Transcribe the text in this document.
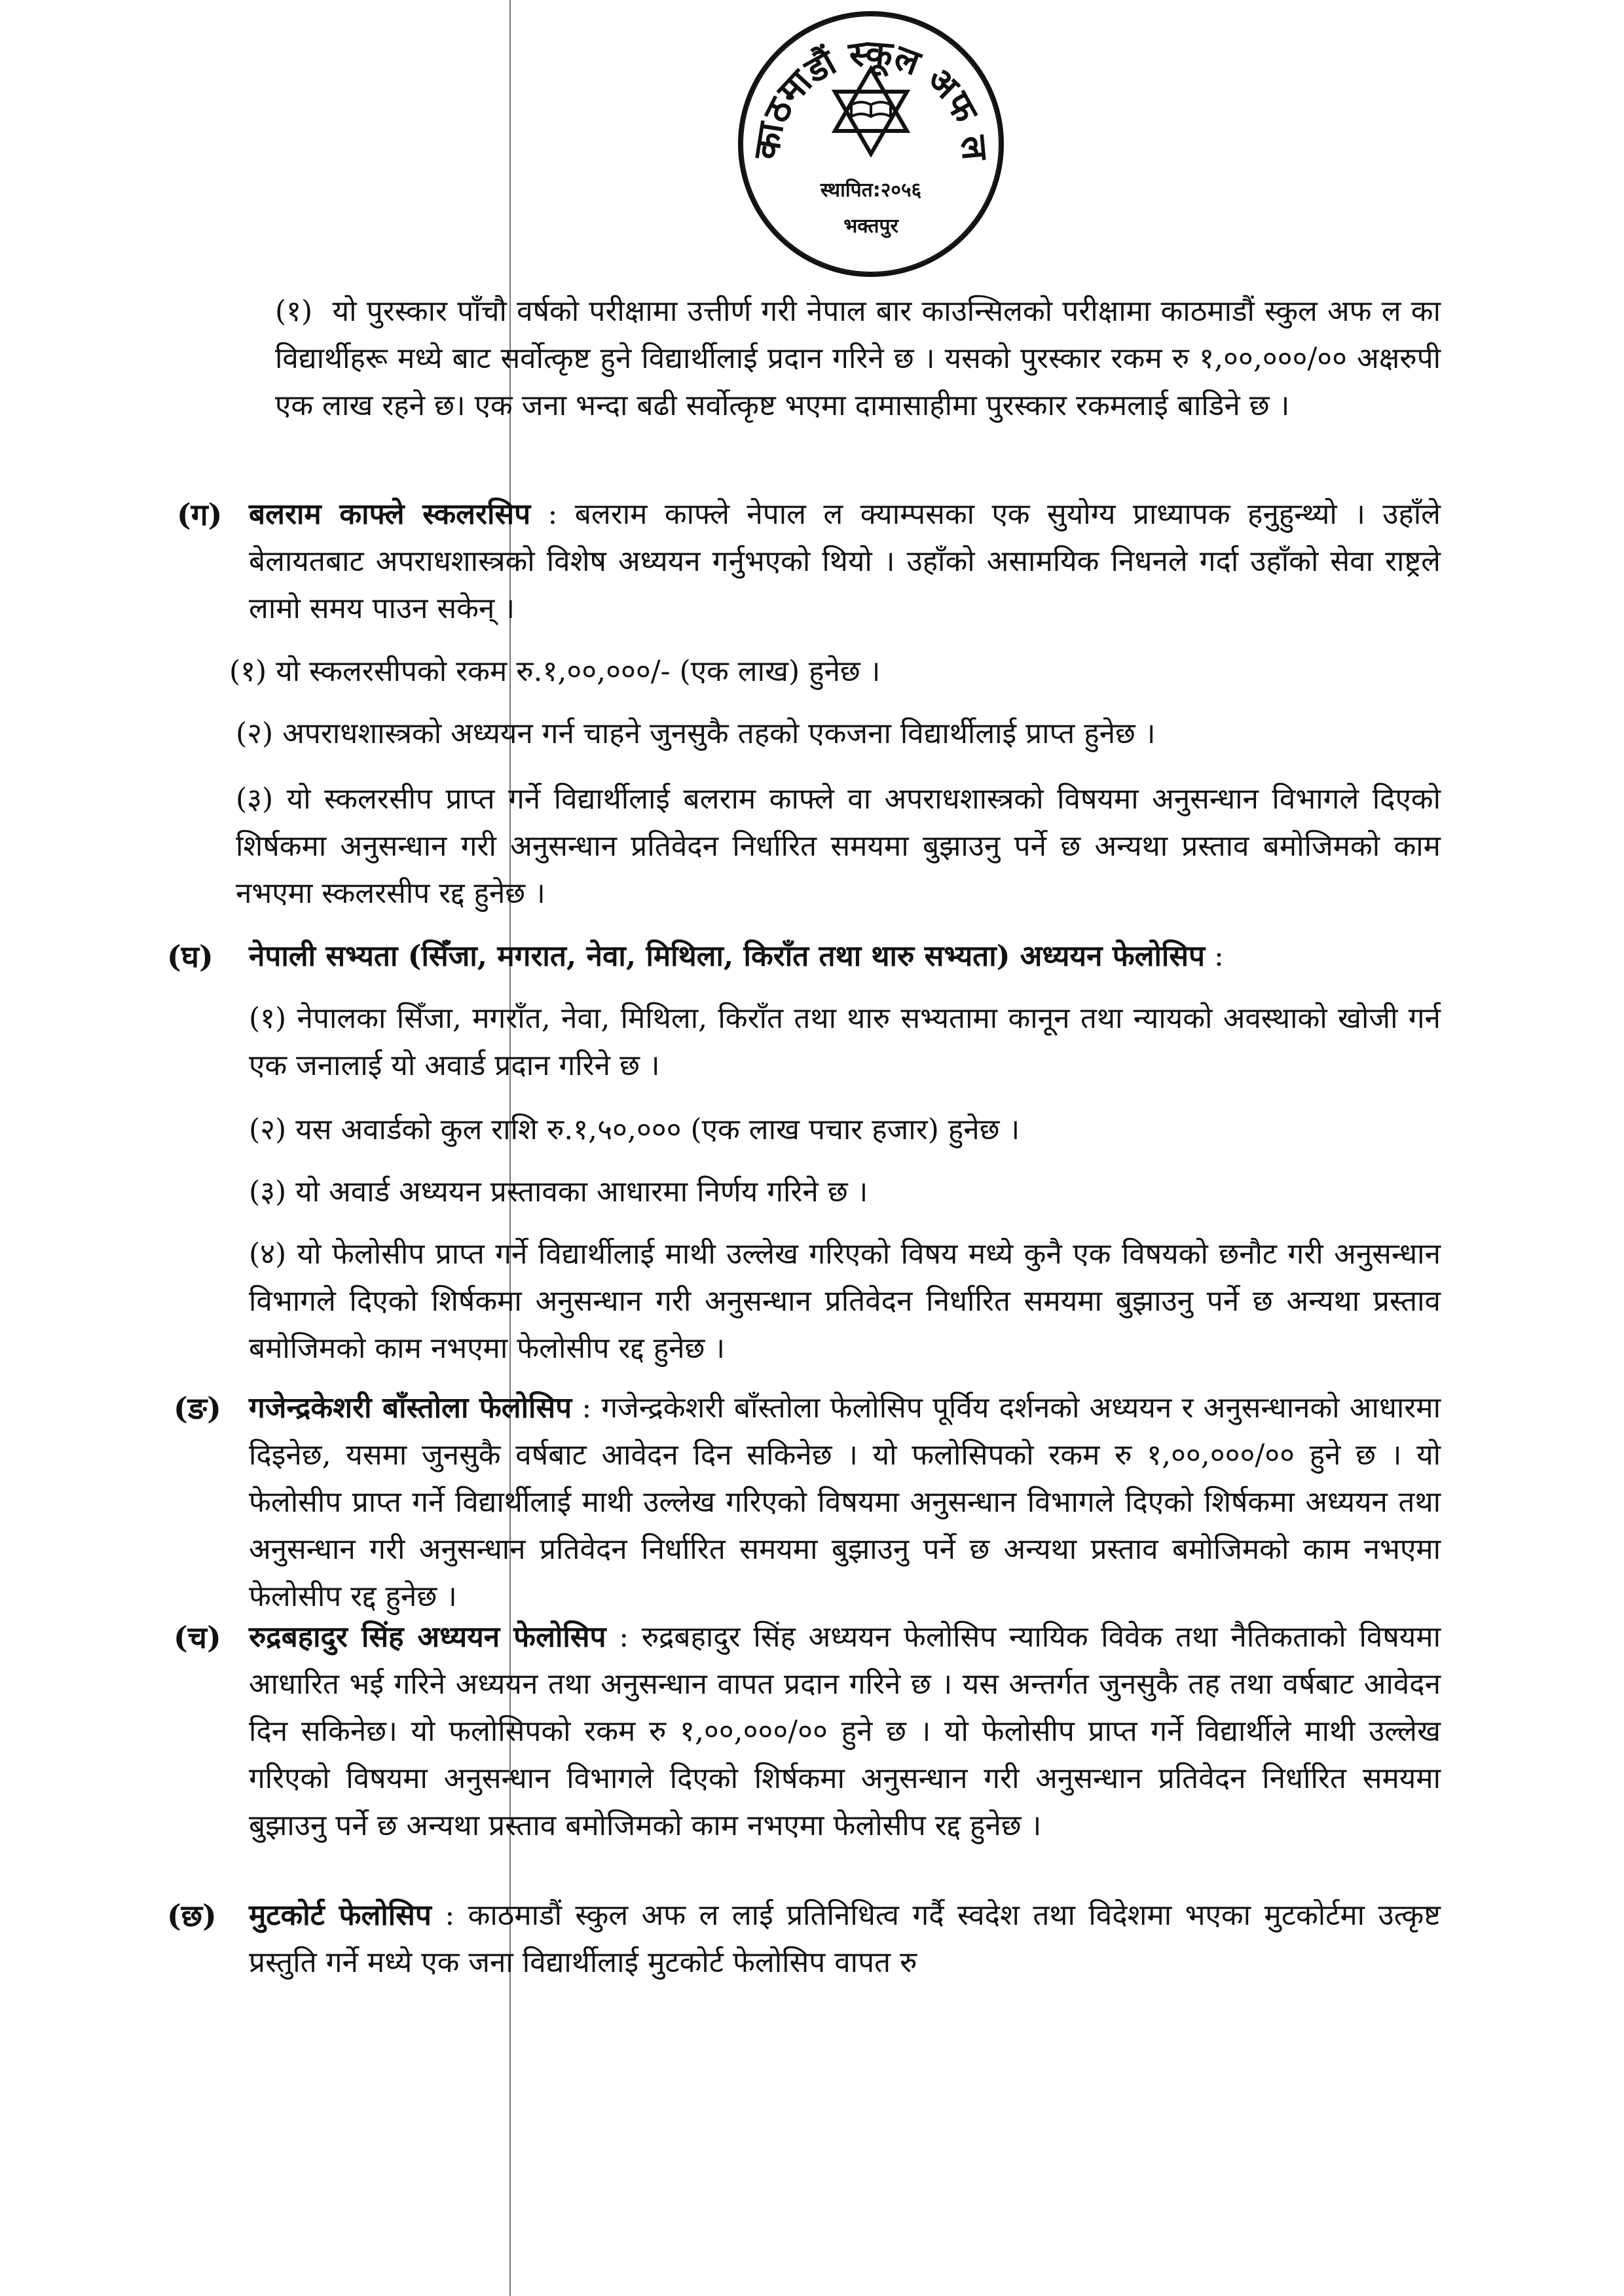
काठमाडौं स्कूल अफ ल
स्थापित:२०५६
भक्तपुर

(१) यो पुरस्कार पाँचौ वर्षको परीक्षामा उत्तीर्ण गरी नेपाल बार काउन्सिलको परीक्षामा काठमाडौं स्कुल अफ ल का विद्यार्थीहरू मध्ये बाट सर्वोत्कृष्ट हुने विद्यार्थीलाई प्रदान गरिने छ । यसको पुरस्कार रकम रु १,००,०००/०० अक्षरुपी एक लाख रहने छ। एक जना भन्दा बढी सर्वोत्कृष्ट भएमा दामासाहीमा पुरस्कार रकमलाई बाडिने छ ।

(ग) बलराम काफ्ले स्कलरसिप : बलराम काफ्ले नेपाल ल क्याम्पसका एक सुयोग्य प्राध्यापक हनुहुन्थ्यो । उहाँले बेलायतबाट अपराधशास्त्रको विशेष अध्ययन गर्नुभएको थियो । उहाँको असामयिक निधनले गर्दा उहाँको सेवा राष्ट्रले लामो समय पाउन सकेन् ।

(१) यो स्कलरसीपको रकम रु.१,००,०००/- (एक लाख) हुनेछ ।

(२) अपराधशास्त्रको अध्ययन गर्न चाहने जुनसुकै तहको एकजना विद्यार्थीलाई प्राप्त हुनेछ ।

(३) यो स्कलरसीप प्राप्त गर्ने विद्यार्थीलाई बलराम काफ्ले वा अपराधशास्त्रको विषयमा अनुसन्धान विभागले दिएको शिर्षकमा अनुसन्धान गरी अनुसन्धान प्रतिवेदन निर्धारित समयमा बुझाउनु पर्ने छ अन्यथा प्रस्ताव बमोजिमको काम नभएमा स्कलरसीप रद्द हुनेछ ।

(घ) नेपाली सभ्यता (सिँजा, मगरात, नेवा, मिथिला, किराँत तथा थारु सभ्यता) अध्ययन फेलोसिप :

(१) नेपालका सिँजा, मगराँत, नेवा, मिथिला, किराँत तथा थारु सभ्यतामा कानून तथा न्यायको अवस्थाको खोजी गर्न एक जनालाई यो अवार्ड प्रदान गरिने छ ।

(२) यस अवार्डको कुल राशि रु.१,५०,००० (एक लाख पचार हजार) हुनेछ ।

(३) यो अवार्ड अध्ययन प्रस्तावका आधारमा निर्णय गरिने छ ।

(४) यो फेलोसीप प्राप्त गर्ने विद्यार्थीलाई माथी उल्लेख गरिएको विषय मध्ये कुनै एक विषयको छनौट गरी अनुसन्धान विभागले दिएको शिर्षकमा अनुसन्धान गरी अनुसन्धान प्रतिवेदन निर्धारित समयमा बुझाउनु पर्ने छ अन्यथा प्रस्ताव बमोजिमको काम नभएमा फेलोसीप रद्द हुनेछ ।

(ङ) गजेन्द्रकेशरी बाँस्तोला फेलोसिप : गजेन्द्रकेशरी बाँस्तोला फेलोसिप पूर्विय दर्शनको अध्ययन र अनुसन्धानको आधारमा दिइनेछ, यसमा जुनसुकै वर्षबाट आवेदन दिन सकिनेछ । यो फलोसिपको रकम रु १,००,०००/०० हुने छ । यो फेलोसीप प्राप्त गर्ने विद्यार्थीलाई माथी उल्लेख गरिएको विषयमा अनुसन्धान विभागले दिएको शिर्षकमा अध्ययन तथा अनुसन्धान गरी अनुसन्धान प्रतिवेदन निर्धारित समयमा बुझाउनु पर्ने छ अन्यथा प्रस्ताव बमोजिमको काम नभएमा फेलोसीप रद्द हुनेछ ।

(च) रुद्रबहादुर सिंह अध्ययन फेलोसिप : रुद्रबहादुर सिंह अध्ययन फेलोसिप न्यायिक विवेक तथा नैतिकताको विषयमा आधारित भई गरिने अध्ययन तथा अनुसन्धान वापत प्रदान गरिने छ । यस अन्तर्गत जुनसुकै तह तथा वर्षबाट आवेदन दिन सकिनेछ। यो फलोसिपको रकम रु १,००,०००/०० हुने छ । यो फेलोसीप प्राप्त गर्ने विद्यार्थीले माथी उल्लेख गरिएको विषयमा अनुसन्धान विभागले दिएको शिर्षकमा अनुसन्धान गरी अनुसन्धान प्रतिवेदन निर्धारित समयमा बुझाउनु पर्ने छ अन्यथा प्रस्ताव बमोजिमको काम नभएमा फेलोसीप रद्द हुनेछ ।

(छ) मुटकोर्ट फेलोसिप : काठमाडौं स्कुल अफ ल लाई प्रतिनिधित्व गर्दै स्वदेश तथा विदेशमा भएका मुटकोर्टमा उत्कृष्ट प्रस्तुति गर्ने मध्ये एक जना विद्यार्थीलाई मुटकोर्ट फेलोसिप वापत रु
